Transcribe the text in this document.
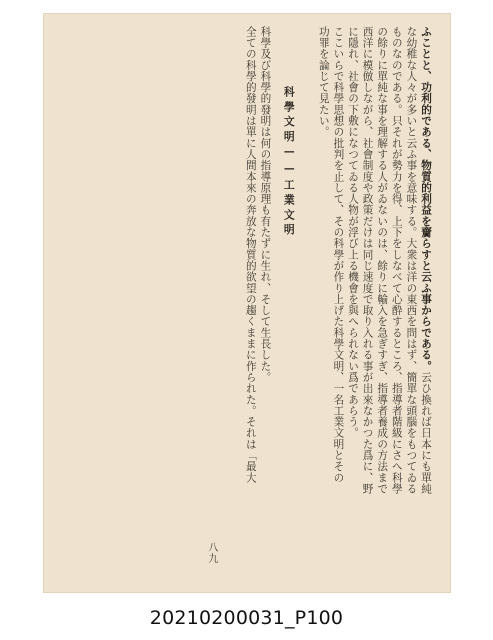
ふことと、功利的である、物質的利益を齎らすと云ふ事からである。云ひ換れば日本にも單純
な幼稚な人々が多いと云ふ事を意味する。大衆は洋の東西を問はず、簡單な頭腦をもつてゐる
ものなのである。只それが勢力を得、上下をしなべて心酔するところ、指導者階級にさへ科學
の餘りに單純な事を理解する人がゐないのは、餘りに輸入を急ぎすぎ、指導者養成の方法まで
西洋に模倣しながら、社會制度や政策だけは同じ速度で取り入れる事が出來なかつた爲に、野
に隱れ、社會の下敷になつてゐる人物が浮び上る機會を與へられない爲であらう。
ここいらで科學思想の批判を止して、その科學が作り上げた科學文明、一名工業文明とその
功罪を論じて見たい。
科學文明——工業文明
科學及び科學的發明は何の指導原理も有たずに生れ、そして生長した。
全ての科學的發明は單に人間本來の奔放な物質的欲望の趨くままに作られた。それは「最大
八九
20210200031_P100
